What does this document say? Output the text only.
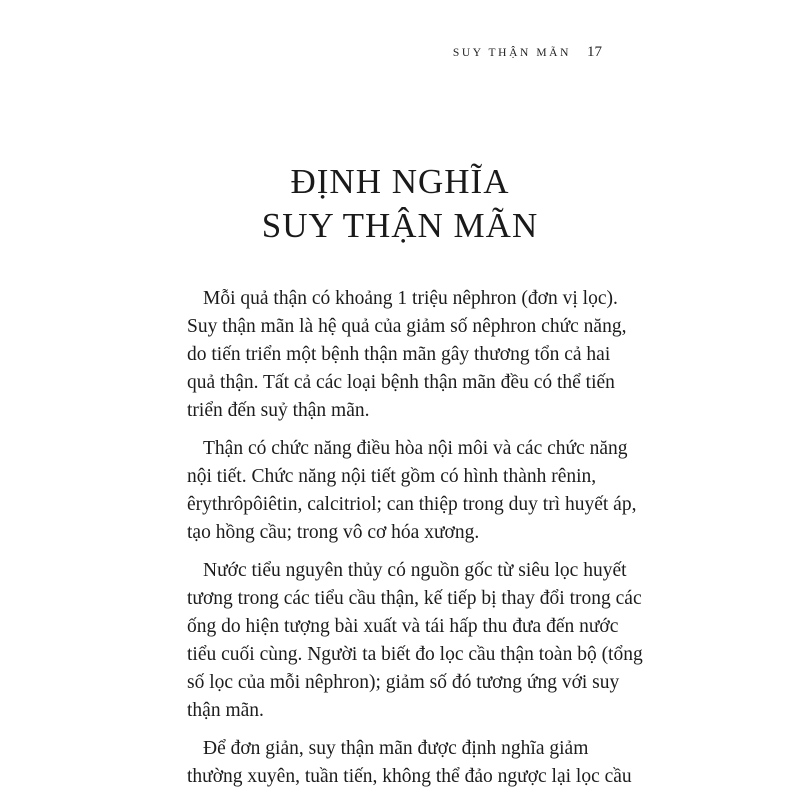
SUY THẬN MÃN 17
ĐỊNH NGHĨA
SUY THẬN MÃN

Mỗi quả thận có khoảng 1 triệu nêphron (đơn vị lọc).
Suy thận mãn là hệ quả của giảm số nêphron chức năng,
do tiến triển một bệnh thận mãn gây thương tổn cả hai
quả thận. Tất cả các loại bệnh thận mãn đều có thể tiến
triển đến suỷ thận mãn.

Thận có chức năng điều hòa nội môi và các chức năng
nội tiết. Chức năng nội tiết gồm có hình thành rênin,
êrythrôpôiêtin, calcitriol; can thiệp trong duy trì huyết áp,
tạo hồng cầu; trong vô cơ hóa xương.

Nước tiểu nguyên thủy có nguồn gốc từ siêu lọc huyết
tương trong các tiểu cầu thận, kế tiếp bị thay đổi trong các
ống do hiện tượng bài xuất và tái hấp thu đưa đến nước
tiểu cuối cùng. Người ta biết đo lọc cầu thận toàn bộ (tổng
số lọc của mỗi nêphron); giảm số đó tương ứng với suy
thận mãn.

Để đơn giản, suy thận mãn được định nghĩa giảm
thường xuyên, tuần tiến, không thể đảo ngược lại lọc cầu
